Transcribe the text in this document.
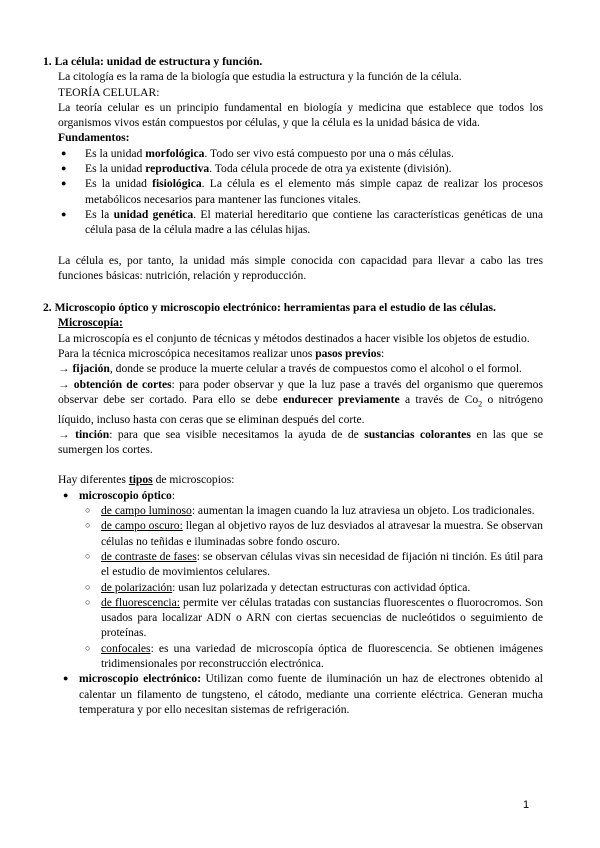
1. La célula: unidad de estructura y función.

La citología es la rama de la biología que estudia la estructura y la función de la célula.

TEORÍA CELULAR:

La teoría celular es un principio fundamental en biología y medicina que establece que todos los organismos vivos están compuestos por células, y que la célula es la unidad básica de vida.

Fundamentos:

● Es la unidad morfológica. Todo ser vivo está compuesto por una o más células.
● Es la unidad reproductiva. Toda célula procede de otra ya existente (división).
● Es la unidad fisiológica. La célula es el elemento más simple capaz de realizar los procesos metabólicos necesarios para mantener las funciones vitales.
● Es la unidad genética. El material hereditario que contiene las características genéticas de una célula pasa de la célula madre a las células hijas.

La célula es, por tanto, la unidad más simple conocida con capacidad para llevar a cabo las tres funciones básicas: nutrición, relación y reproducción.

2. Microscopio óptico y microscopio electrónico: herramientas para el estudio de las células.

Microscopía:

La microscopía es el conjunto de técnicas y métodos destinados a hacer visible los objetos de estudio.

Para la técnica microscópica necesitamos realizar unos pasos previos:

→ fijación, donde se produce la muerte celular a través de compuestos como el alcohol o el formol.

→ obtención de cortes: para poder observar y que la luz pase a través del organismo que queremos observar debe ser cortado. Para ello se debe endurecer previamente a través de $Co_2$ o nitrógeno líquido, incluso hasta con ceras que se eliminan después del corte.

→ tinción: para que sea visible necesitamos la ayuda de de sustancias colorantes en las que se sumergen los cortes.

Hay diferentes tipos de microscopios:

● microscopio óptico:
○ de campo luminoso: aumentan la imagen cuando la luz atraviesa un objeto. Los tradicionales.
○ de campo oscuro: llegan al objetivo rayos de luz desviados al atravesar la muestra. Se observan células no teñidas e iluminadas sobre fondo oscuro.
○ de contraste de fases: se observan células vivas sin necesidad de fijación ni tinción. Es útil para el estudio de movimientos celulares.
○ de polarización: usan luz polarizada y detectan estructuras con actividad óptica.
○ de fluorescencia: permite ver células tratadas con sustancias fluorescentes o fluorocromos. Son usados para localizar ADN o ARN con ciertas secuencias de nucleótidos o seguimiento de proteínas.
○ confocales: es una variedad de microscopía óptica de fluorescencia. Se obtienen imágenes tridimensionales por reconstrucción electrónica.
● microscopio electrónico: Utilizan como fuente de iluminación un haz de electrones obtenido al calentar un filamento de tungsteno, el cátodo, mediante una corriente eléctrica. Generan mucha temperatura y por ello necesitan sistemas de refrigeración.
1
